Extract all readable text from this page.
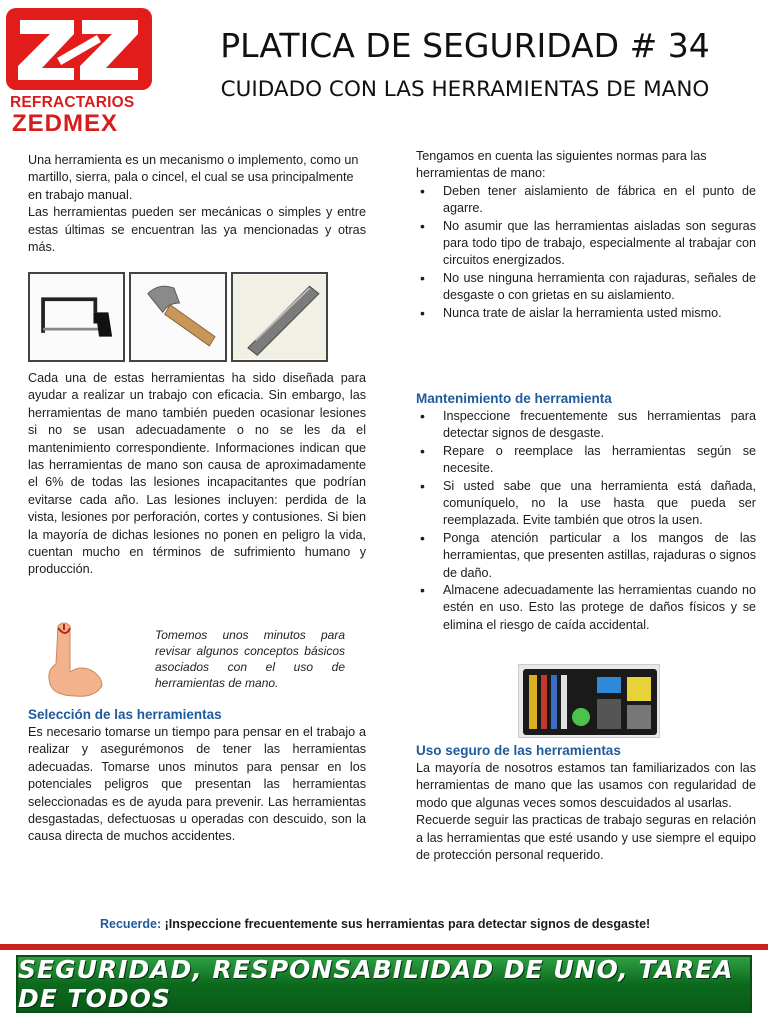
REFRACTARIOS
ZEDMEX
PLATICA DE SEGURIDAD # 34
CUIDADO CON LAS HERRAMIENTAS DE MANO

Una herramienta es un mecanismo o implemento, como un martillo, sierra, pala o cincel, el cual se usa principalmente en trabajo manual.

Las herramientas pueden ser mecánicas o simples y entre estas últimas se encuentran las ya mencionadas y otras más.

Cada una de estas herramientas ha sido diseñada para ayudar a realizar un trabajo con eficacia. Sin embargo, las herramientas de mano también pueden ocasionar lesiones si no se usan adecuadamente o no se les da el mantenimiento correspondiente. Informaciones indican que las herramientas de mano son causa de aproximadamente el 6% de todas las lesiones incapacitantes que podrían evitarse cada año. Las lesiones incluyen: perdida de la vista, lesiones por perforación, cortes y contusiones. Si bien la mayoría de dichas lesiones no ponen en peligro la vida, cuentan mucho en términos de sufrimiento humano y producción.

Tomemos unos minutos para revisar algunos conceptos básicos asociados con el uso de herramientas de mano.
Selección de las herramientas

Es necesario tomarse un tiempo para pensar en el trabajo a realizar y asegurémonos de tener las herramientas adecuadas. Tomarse unos minutos para pensar en los potenciales peligros que presentan las herramientas seleccionadas es de ayuda para prevenir. Las herramientas desgastadas, defectuosas u operadas con descuido, son la causa directa de muchos accidentes.

Tengamos en cuenta las siguientes normas para las herramientas de mano:

• Deben tener aislamiento de fábrica en el punto de agarre.
• No asumir que las herramientas aisladas son seguras para todo tipo de trabajo, especialmente al trabajar con circuitos energizados.
• No use ninguna herramienta con rajaduras, señales de desgaste o con grietas en su aislamiento.
• Nunca trate de aislar la herramienta usted mismo.
Mantenimiento de herramienta
• Inspeccione frecuentemente sus herramientas para detectar signos de desgaste.
• Repare o reemplace las herramientas según se necesite.
• Si usted sabe que una herramienta está dañada, comuníquelo, no la use hasta que pueda ser reemplazada. Evite también que otros la usen.
• Ponga atención particular a los mangos de las herramientas, que presenten astillas, rajaduras o signos de daño.
• Almacene adecuadamente las herramientas cuando no estén en uso. Esto las protege de daños físicos y se elimina el riesgo de caída accidental.
Uso seguro de las herramientas

La mayoría de nosotros estamos tan familiarizados con las herramientas de mano que las usamos con regularidad de modo que algunas veces somos descuidados al usarlas.

Recuerde seguir las practicas de trabajo seguras en relación a las herramientas que esté usando y use siempre el equipo de protección personal requerido.

Recuerde: ¡Inspeccione frecuentemente sus herramientas para detectar signos de desgaste!
SEGURIDAD, RESPONSABILIDAD DE UNO, TAREA DE TODOS
